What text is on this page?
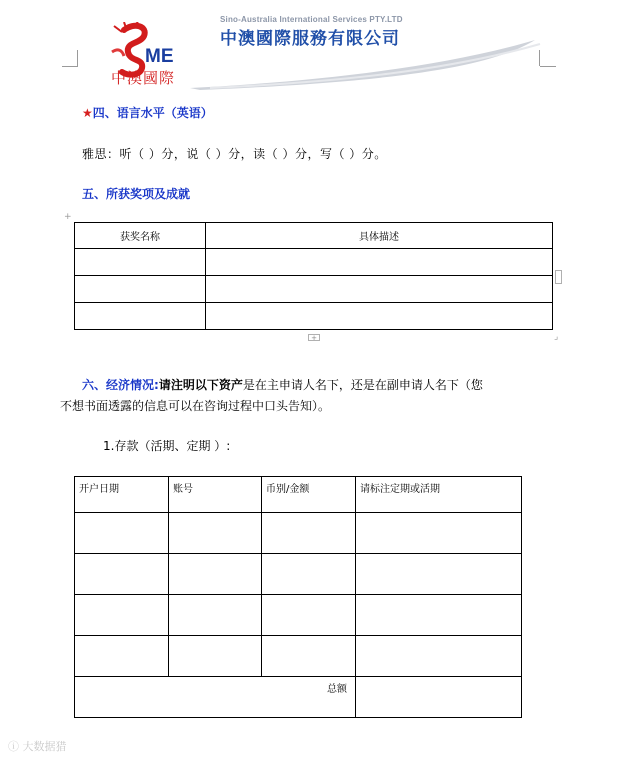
ME
中澳國際
Sino-Australia International Services PTY.LTD
中澳國際服務有限公司
★四、语言水平（英语）
雅思：听（ ）分，说（ ）分，读（ ）分，写（ ）分。
五、所获奖项及成就
+
获奖名称	具体描述

+	⌟
六、经济情况:请注明以下资产是在主申请人名下，还是在副申请人名下（您
不想书面透露的信息可以在咨询过程中口头告知）。
1.存款（活期、定期 ）:
开户日期	账号	币别/金额	请标注定期或活期

总额			
ⓘ 大数据猎
